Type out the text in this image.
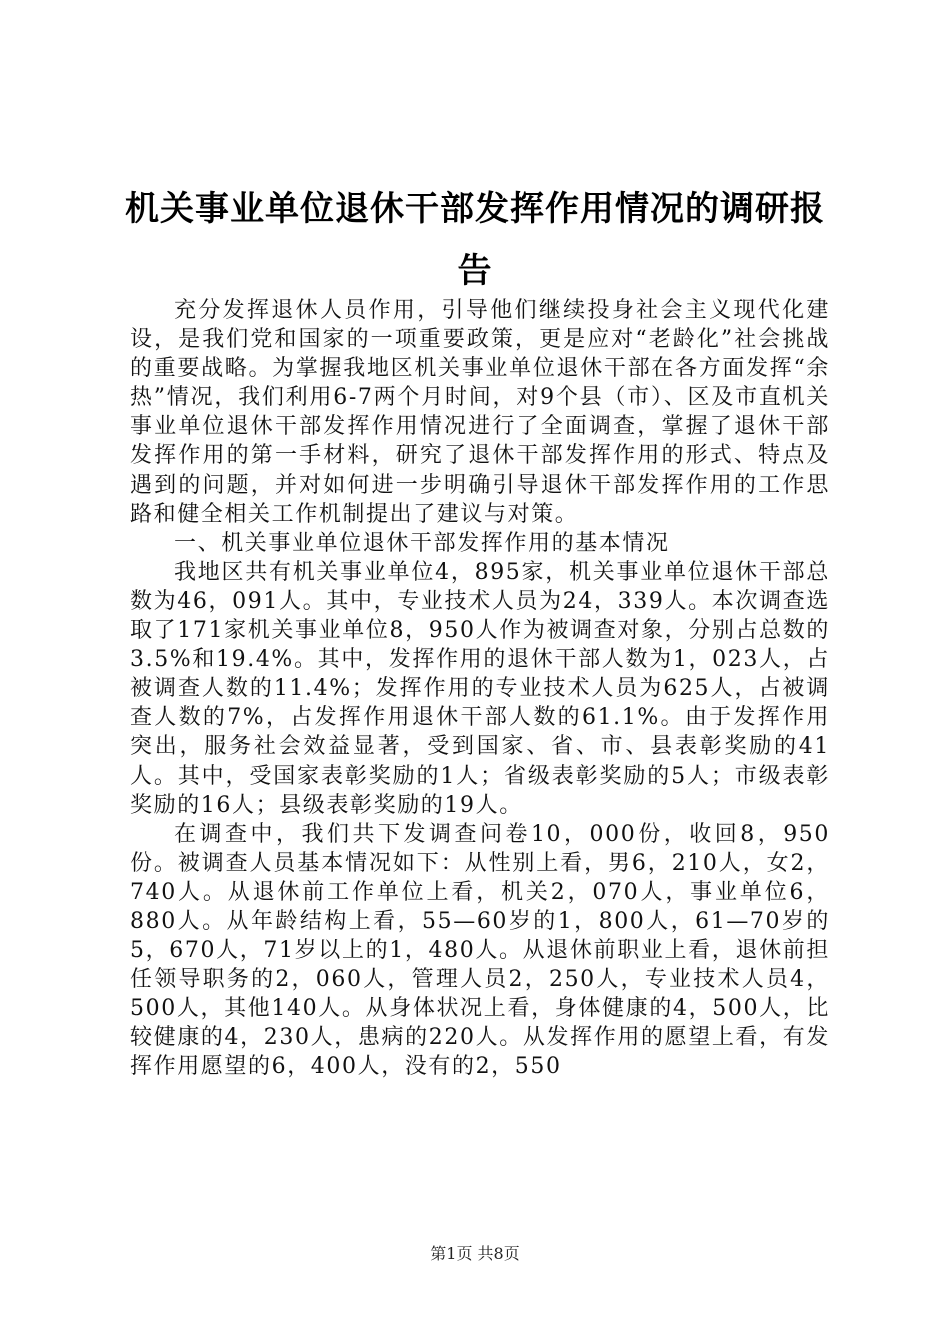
机关事业单位退休干部发挥作用情况的调研报告

充分发挥退休人员作用，引导他们继续投身社会主义现代化建设，是我们党和国家的一项重要政策，更是应对“老龄化”社会挑战的重要战略。为掌握我地区机关事业单位退休干部在各方面发挥“余热”情况，我们利用6-7两个月时间，对9个县（市）、区及市直机关事业单位退休干部发挥作用情况进行了全面调查，掌握了退休干部发挥作用的第一手材料，研究了退休干部发挥作用的形式、特点及遇到的问题，并对如何进一步明确引导退休干部发挥作用的工作思路和健全相关工作机制提出了建议与对策。

一、机关事业单位退休干部发挥作用的基本情况

我地区共有机关事业单位4，895家，机关事业单位退休干部总数为46，091人。其中，专业技术人员为24，339人。本次调查选取了171家机关事业单位8，950人作为被调查对象，分别占总数的3.5%和19.4%。其中，发挥作用的退休干部人数为1，023人，占被调查人数的11.4%；发挥作用的专业技术人员为625人，占被调查人数的7%，占发挥作用退休干部人数的61.1%。由于发挥作用突出，服务社会效益显著，受到国家、省、市、县表彰奖励的41人。其中，受国家表彰奖励的1人；省级表彰奖励的5人；市级表彰奖励的16人；县级表彰奖励的19人。

在调查中，我们共下发调查问卷10，000份，收回8，950份。被调查人员基本情况如下：从性别上看，男6，210人，女2，740人。从退休前工作单位上看，机关2，070人，事业单位6，880人。从年龄结构上看，55—60岁的1，800人，61—70岁的5，670人，71岁以上的1，480人。从退休前职业上看，退休前担任领导职务的2，060人，管理人员2，250人，专业技术人员4，500人，其他140人。从身体状况上看，身体健康的4，500人，比较健康的4，230人，患病的220人。从发挥作用的愿望上看，有发挥作用愿望的6，400人，没有的2，550

第1页 共8页
